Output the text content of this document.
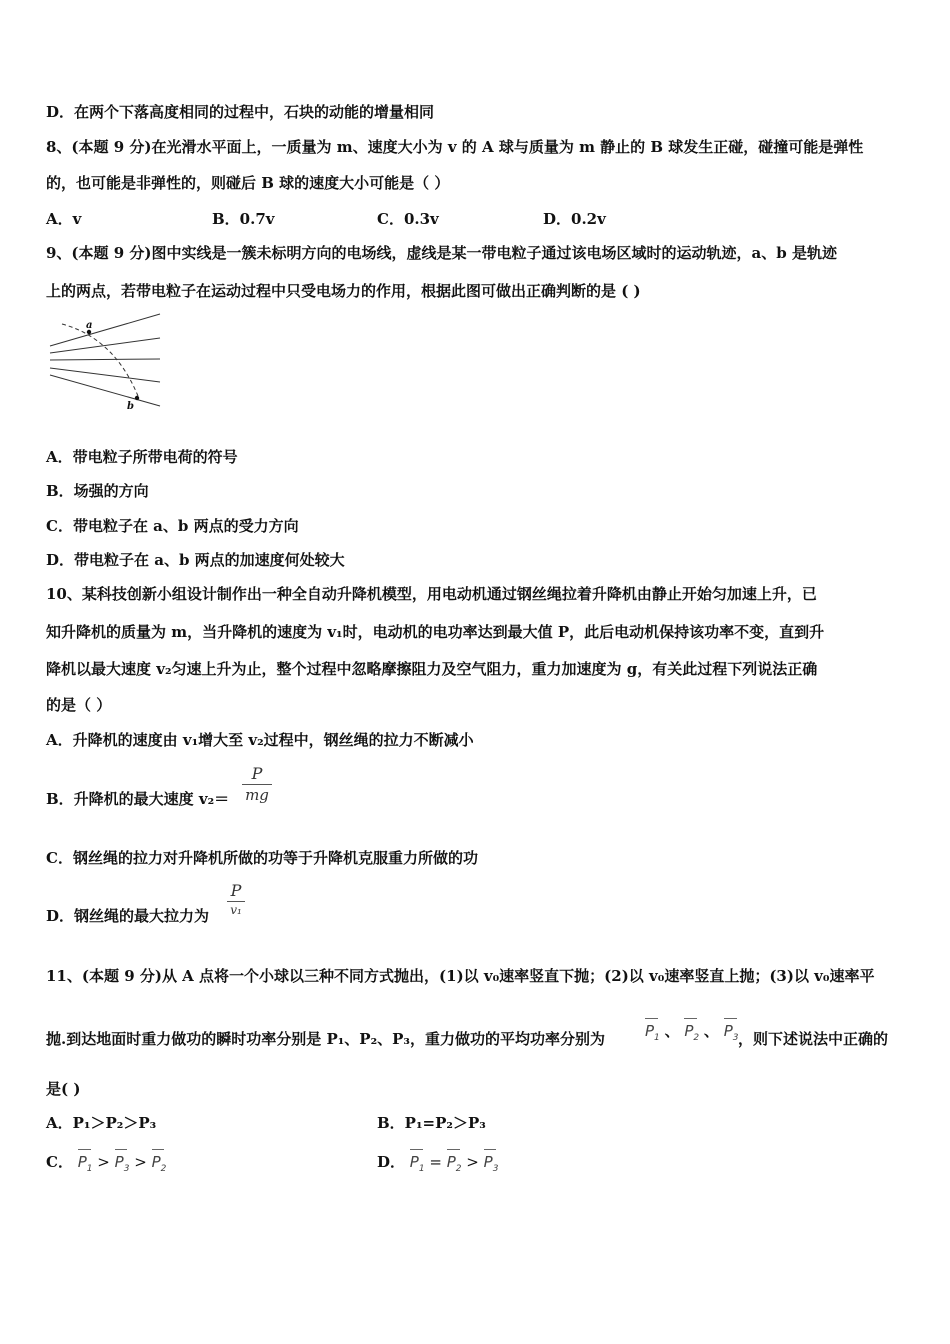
D．在两个下落高度相同的过程中，石块的动能的增量相同
8、(本题 9 分)在光滑水平面上，一质量为 m、速度大小为 v 的 A 球与质量为 m 静止的 B 球发生正碰，碰撞可能是弹性
的，也可能是非弹性的，则碰后 B 球的速度大小可能是（ ）
A．v	B．0.7v	C．0.3v	D．0.2v
9、(本题 9 分)图中实线是一簇未标明方向的电场线，虚线是某一带电粒子通过该电场区域时的运动轨迹，a、b 是轨迹
上的两点，若带电粒子在运动过程中只受电场力的作用，根据此图可做出正确判断的是 ( )
a
b
A．带电粒子所带电荷的符号
B．场强的方向
C．带电粒子在 a、b 两点的受力方向
D．带电粒子在 a、b 两点的加速度何处较大
10、某科技创新小组设计制作出一种全自动升降机模型，用电动机通过钢丝绳拉着升降机由静止开始匀加速上升，已
知升降机的质量为 m，当升降机的速度为 v₁时，电动机的电功率达到最大值 P，此后电动机保持该功率不变，直到升
降机以最大速度 v₂匀速上升为止，整个过程中忽略摩擦阻力及空气阻力，重力加速度为 g，有关此过程下列说法正确
的是（ ）
A．升降机的速度由 v₁增大至 v₂过程中，钢丝绳的拉力不断减小
B．升降机的最大速度 v₂＝
P
mg
C．钢丝绳的拉力对升降机所做的功等于升降机克服重力所做的功
D．钢丝绳的最大拉力为
P
v₁
11、(本题 9 分)从 A 点将一个小球以三种不同方式抛出，(1)以 v₀速率竖直下抛；(2)以 v₀速率竖直上抛；(3)以 v₀速率平
抛.到达地面时重力做功的瞬时功率分别是 P₁、P₂、P₃，重力做功的平均功率分别为	$P_1$ 、 $P_2$ 、 $P_3$ ，则下述说法中正确的
是( )
A．P₁＞P₂＞P₃	B．P₁=P₂＞P₃
C． $P_1 > P_3 > P_2$	D． $P_1 = P_2 > P_3$
